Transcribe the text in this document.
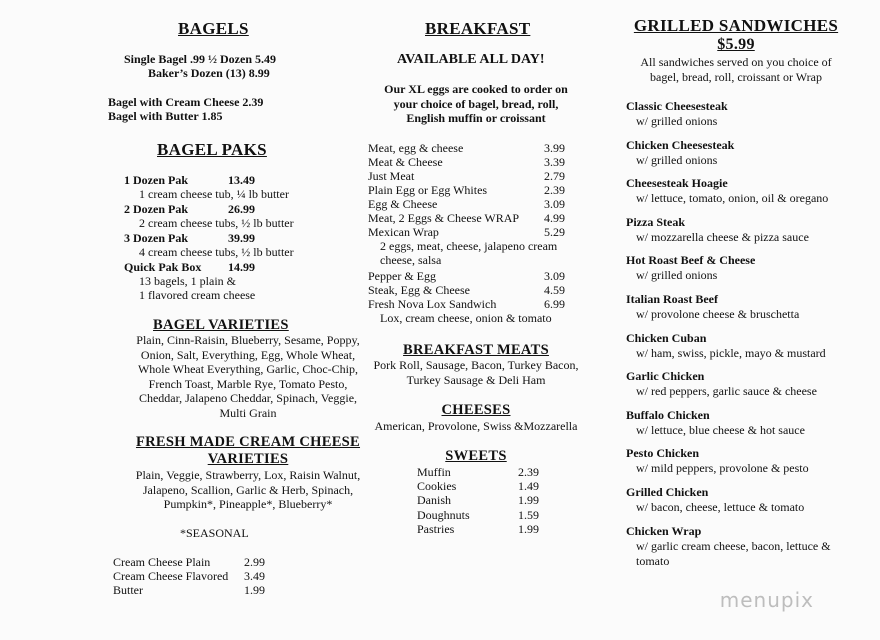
BAGELS
Single Bagel .99 ½ Dozen 5.49
Baker’s Dozen (13) 8.99
Bagel with Cream Cheese 2.39
Bagel with Butter 1.85
BAGEL PAKS
1 Dozen Pak	13.49
1 cream cheese tub, ¼ lb butter
2 Dozen Pak	26.99
2 cream cheese tubs, ½ lb butter
3 Dozen Pak	39.99
4 cream cheese tubs, ½ lb butter
Quick Pak Box 14.99
13 bagels, 1 plain &
1 flavored cream cheese
BAGEL VARIETIES
Plain, Cinn-Raisin, Blueberry, Sesame, Poppy,
Onion, Salt, Everything, Egg, Whole Wheat,
Whole Wheat Everything, Garlic, Choc-Chip,
French Toast, Marble Rye, Tomato Pesto,
Cheddar, Jalapeno Cheddar, Spinach, Veggie,
Multi Grain
FRESH MADE CREAM CHEESE
VARIETIES
Plain, Veggie, Strawberry, Lox, Raisin Walnut,
Jalapeno, Scallion, Garlic & Herb, Spinach,
Pumpkin*, Pineapple*, Blueberry*
*SEASONAL
Cream Cheese Plain	2.99
Cream Cheese Flavored 3.49
Butter	1.99
BREAKFAST
AVAILABLE ALL DAY!
Our XL eggs are cooked to order on
your choice of bagel, bread, roll,
English muffin or croissant
Meat, egg & cheese	3.99
Meat & Cheese	3.39
Just Meat	2.79
Plain Egg or Egg Whites	2.39
Egg & Cheese	3.09
Meat, 2 Eggs & Cheese WRAP 4.99
Mexican Wrap	5.29
2 eggs, meat, cheese, jalapeno cream
cheese, salsa
Pepper & Egg	3.09
Steak, Egg & Cheese	4.59
Fresh Nova Lox Sandwich	6.99
Lox, cream cheese, onion & tomato
BREAKFAST MEATS
Pork Roll, Sausage, Bacon, Turkey Bacon,
Turkey Sausage & Deli Ham
CHEESES
American, Provolone, Swiss &Mozzarella
SWEETS
Muffin	2.39
Cookies	1.49
Danish	1.99
Doughnuts	1.59
Pastries	1.99
GRILLED SANDWICHES
$5.99
All sandwiches served on you choice of
bagel, bread, roll, croissant or Wrap
Classic Cheesesteak
w/ grilled onions
Chicken Cheesesteak
w/ grilled onions
Cheesesteak Hoagie
w/ lettuce, tomato, onion, oil & oregano
Pizza Steak
w/ mozzarella cheese & pizza sauce
Hot Roast Beef & Cheese
w/ grilled onions
Italian Roast Beef
w/ provolone cheese & bruschetta
Chicken Cuban
w/ ham, swiss, pickle, mayo & mustard
Garlic Chicken
w/ red peppers, garlic sauce & cheese
Buffalo Chicken
w/ lettuce, blue cheese & hot sauce
Pesto Chicken
w/ mild peppers, provolone & pesto
Grilled Chicken
w/ bacon, cheese, lettuce & tomato
Chicken Wrap
w/ garlic cream cheese, bacon, lettuce &
tomato
menupix
